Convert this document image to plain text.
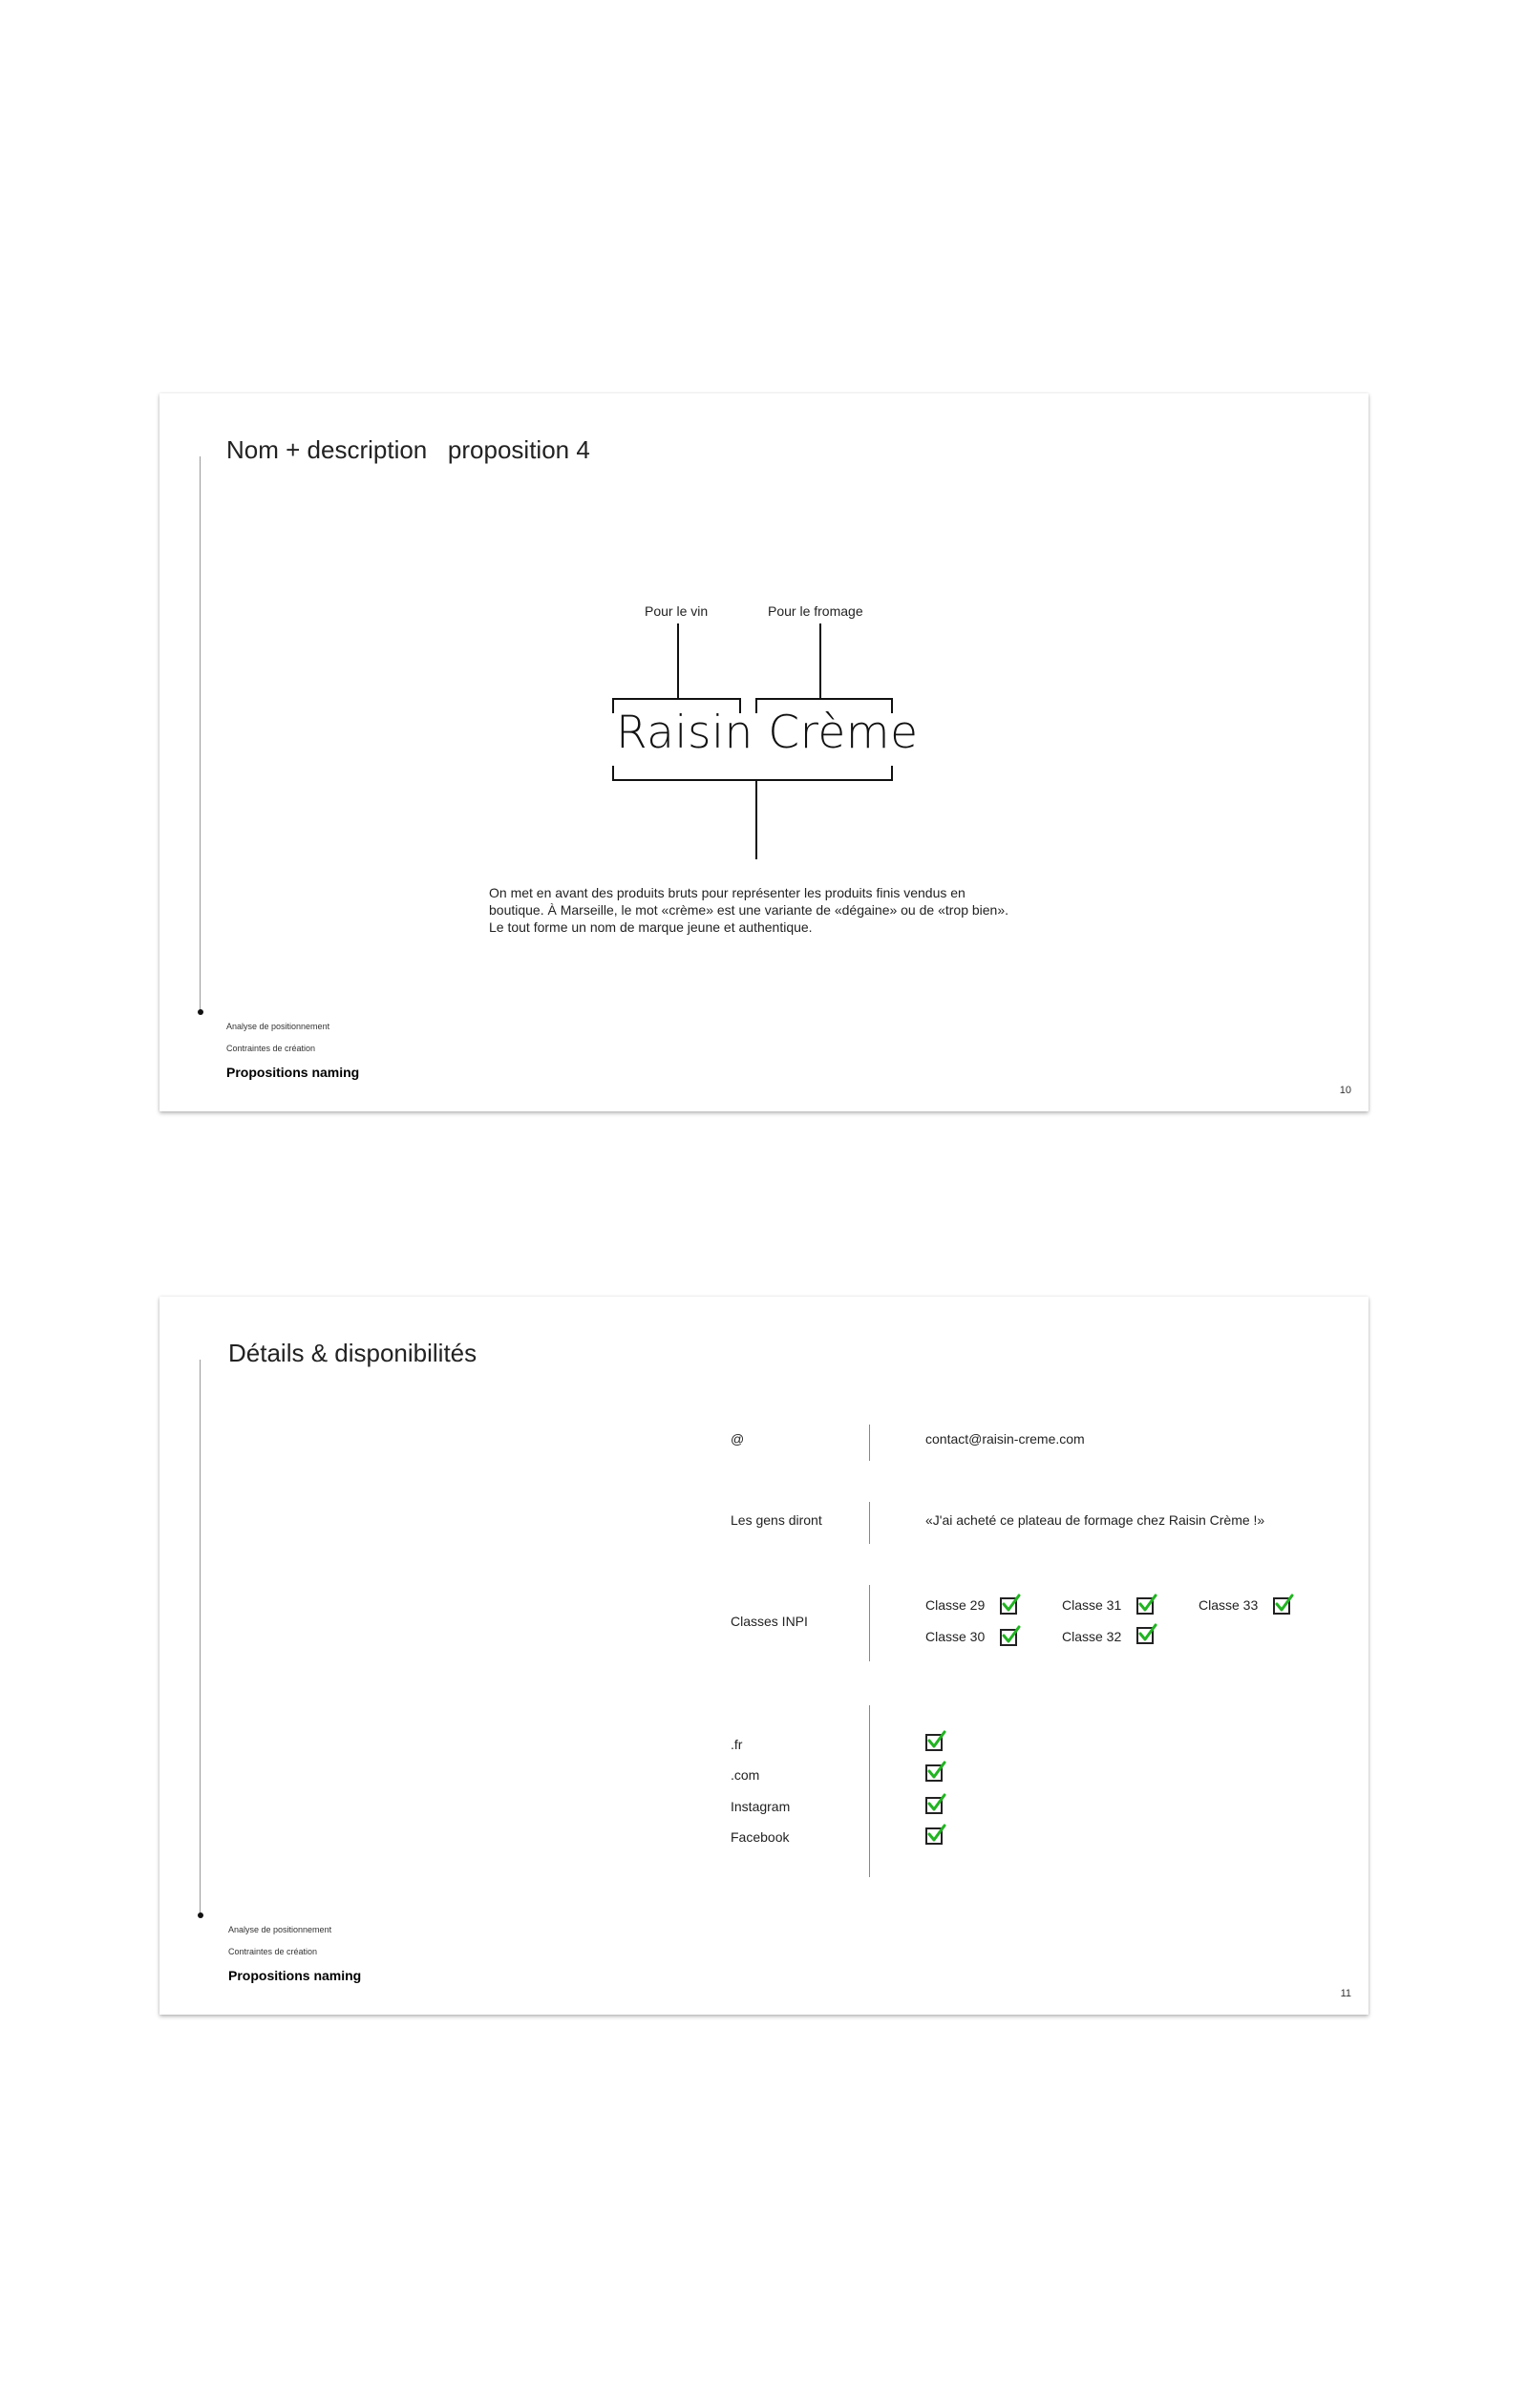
Nom + description   proposition 4
Pour le vin	Pour le fromage
Raisin Crème
On met en avant des produits bruts pour représenter les produits finis vendus en
boutique. À Marseille, le mot «crème» est une variante de «dégaine» ou de «trop bien».
Le tout forme un nom de marque jeune et authentique.
Analyse de positionnement
Contraintes de création
Propositions naming
10
Détails & disponibilités
@	contact@raisin-creme.com
Les gens diront	«J'ai acheté ce plateau de formage chez Raisin Crème !»
Classes INPI
Classe 29	Classe 31	Classe 33
Classe 30	Classe 32
.fr
.com
Instagram
Facebook
Analyse de positionnement
Contraintes de création
Propositions naming
11
